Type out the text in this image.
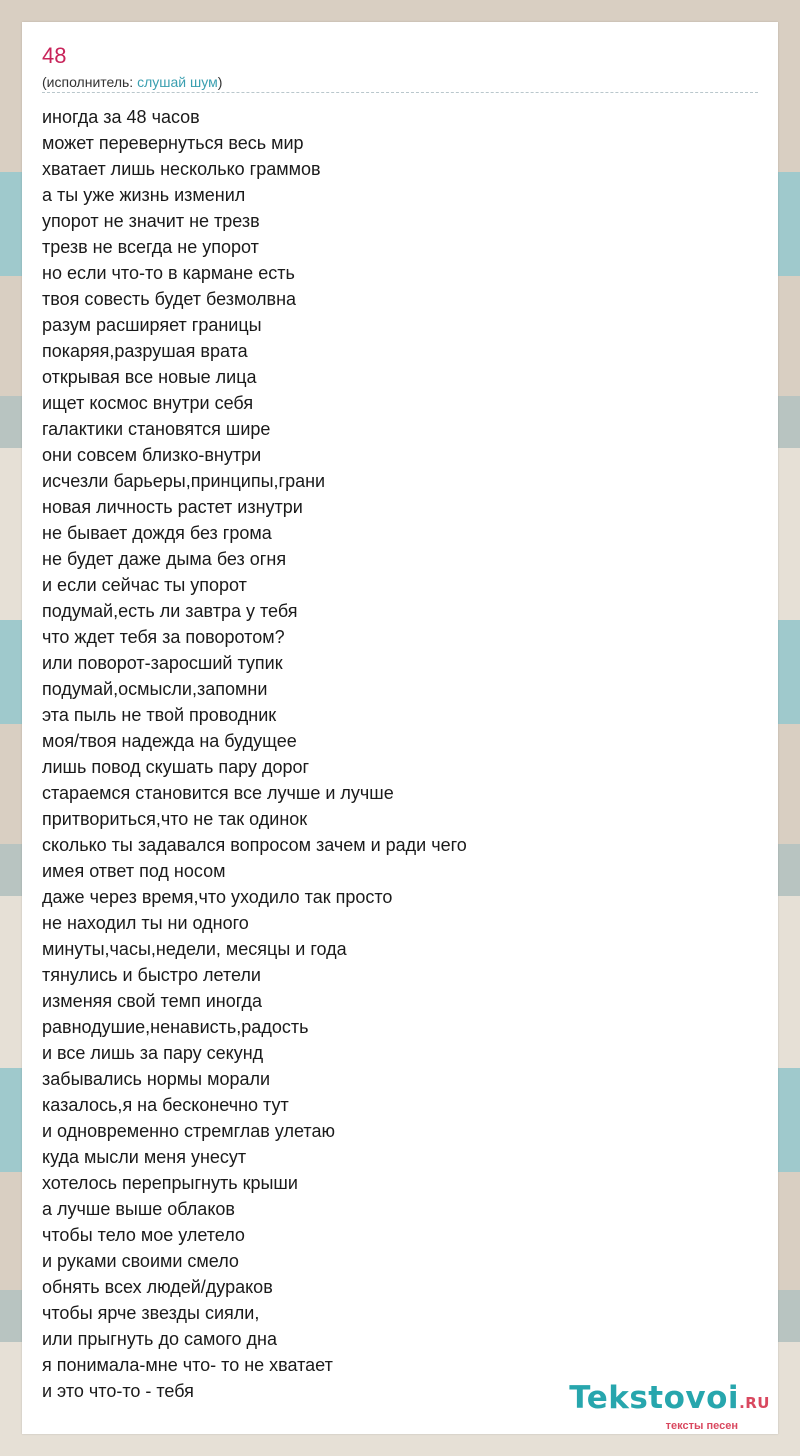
48
(исполнитель: слушай шум)
иногда за 48 часов
может перевернуться весь мир
хватает лишь несколько граммов
а ты уже жизнь изменил
упорот не значит не трезв
трезв не всегда не упорот
но если что-то в кармане есть
твоя совесть будет безмолвна
разум расширяет границы
покаряя,разрушая врата
открывая все новые лица
ищет космос внутри себя
галактики становятся шире
они совсем близко-внутри
исчезли барьеры,принципы,грани
новая личность растет изнутри
не бывает дождя без грома
не будет даже дыма без огня
и если сейчас ты упорот
подумай,есть ли завтра у тебя
что ждет тебя за поворотом?
или поворот-заросший тупик
подумай,осмысли,запомни
эта пыль не твой проводник
моя/твоя надежда на будущее
лишь повод скушать пару дорог
стараемся становится все лучше и лучше
притвориться,что не так одинок
сколько ты задавался вопросом зачем и ради чего
имея ответ под носом
даже через время,что уходило так просто
не находил ты ни одного
минуты,часы,недели, месяцы и года
тянулись и быстро летели
изменяя свой темп иногда
равнодушие,ненависть,радость
и все лишь за пару секунд
забывались нормы морали
казалось,я на бесконечно тут
и одновременно стремглав улетаю
куда мысли меня унесут
хотелось перепрыгнуть крыши
а лучше выше облаков
чтобы тело мое улетело
и руками своими смело
обнять всех людей/дураков
чтобы ярче звезды сияли,
или прыгнуть до самого дна
я понимала-мне что- то не хватает
и это что-то - тебя	Tekstovoi.RU
тексты песен
